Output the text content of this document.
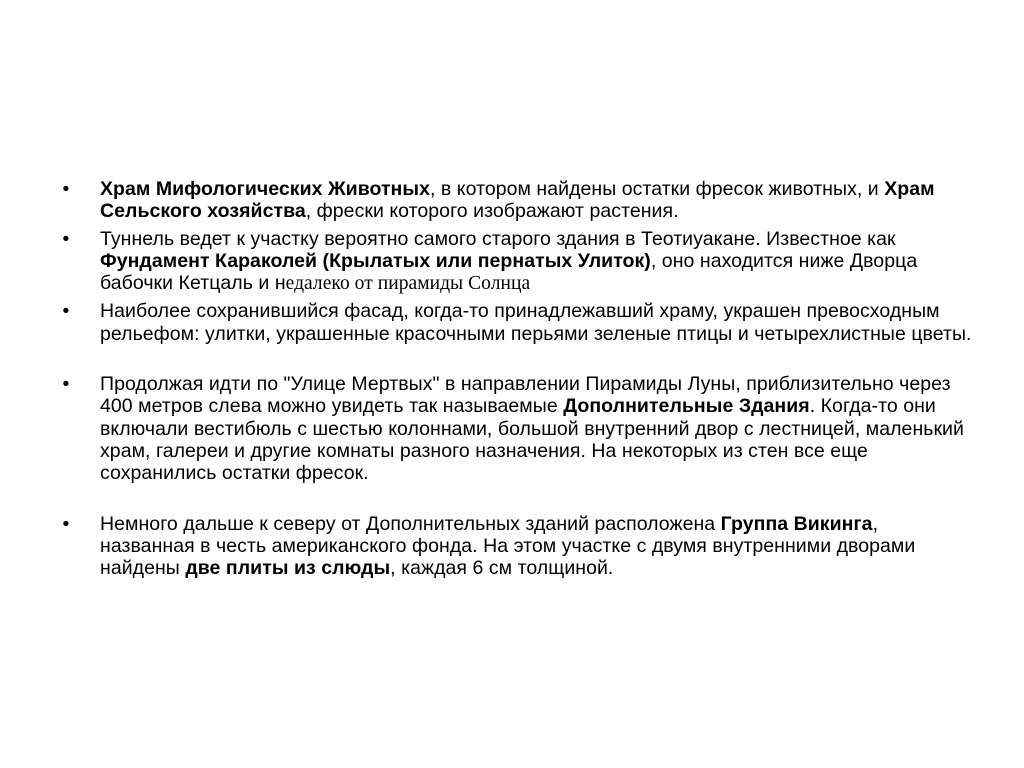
•	Храм Мифологических Животных, в котором найдены остатки фресок животных, и Храм Сельского хозяйства, фрески которого изображают растения.
•	Туннель ведет к участку вероятно самого старого здания в Теотиуакане. Известное как Фундамент Караколей (Крылатых или пернатых Улиток), оно находится ниже Дворца бабочки Кетцаль и недалеко от пирамиды Солнца
•	Наиболее сохранившийся фасад, когда-то принадлежавший храму, украшен превосходным рельефом: улитки, украшенные красочными перьями зеленые птицы и четырехлистные цветы.
•	Продолжая идти по "Улице Мертвых" в направлении Пирамиды Луны, приблизительно через 400 метров слева можно увидеть так называемые Дополнительные Здания. Когда-то они включали вестибюль с шестью колоннами, большой внутренний двор с лестницей, маленький храм, галереи и другие комнаты разного назначения. На некоторых из стен все еще сохранились остатки фресок.
•	Немного дальше к северу от Дополнительных зданий расположена Группа Викинга, названная в честь американского фонда. На этом участке с двумя внутренними дворами найдены две плиты из слюды, каждая 6 см толщиной.
